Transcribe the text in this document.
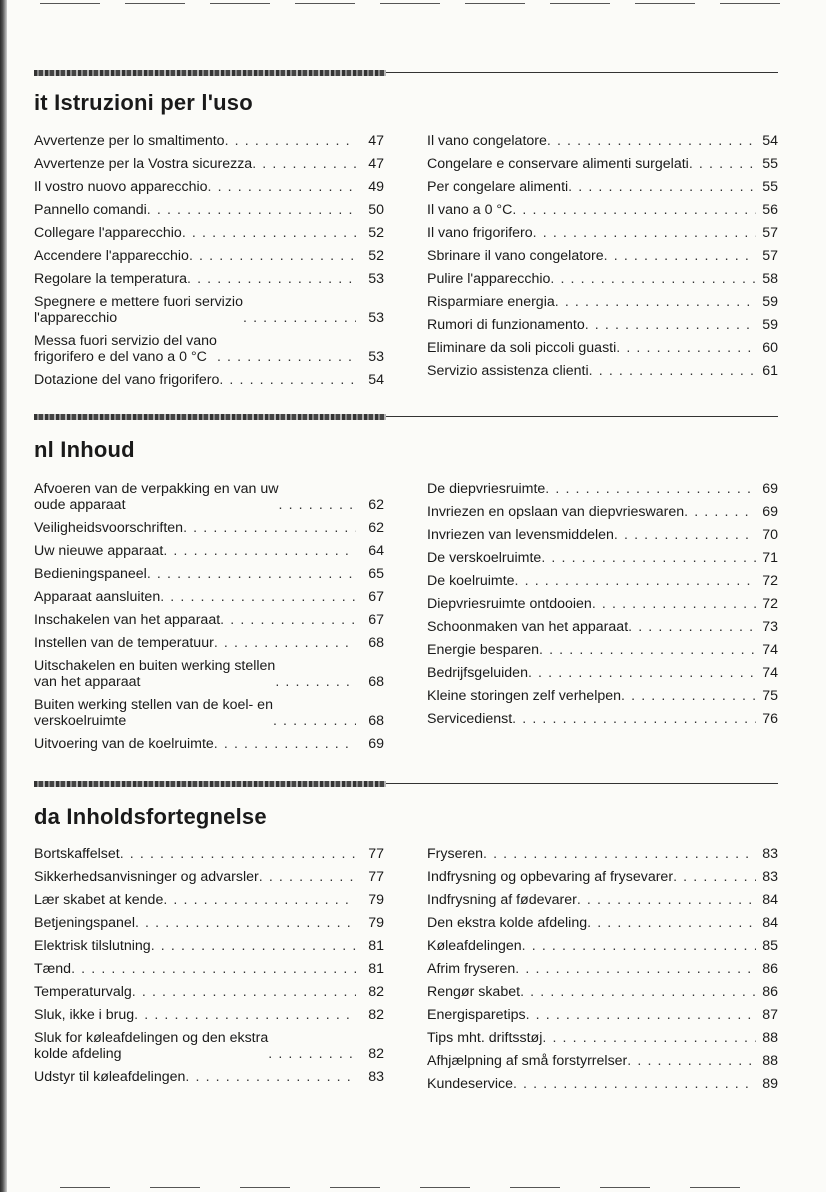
it Istruzioni per l'uso
Avvertenze per lo smaltimento . . .	47
Avvertenze per la Vostra sicurezza . . .	47
Il vostro nuovo apparecchio . . .	49
Pannello comandi . . .	50
Collegare l'apparecchio . . .	52
Accendere l'apparecchio . . .	52
Regolare la temperatura . . .	53
Spegnere e mettere fuori servizio
l'apparecchio . . .	53
Messa fuori servizio del vano
frigorifero e del vano a 0 °C . . .	53
Dotazione del vano frigorifero . . .	54
Il vano congelatore . . .	54
Congelare e conservare alimenti surgelati . . .	55
Per congelare alimenti . . .	55
Il vano a 0 °C . . .	56
Il vano frigorifero . . .	57
Sbrinare il vano congelatore . . .	57
Pulire l'apparecchio . . .	58
Risparmiare energia . . .	59
Rumori di funzionamento . . .	59
Eliminare da soli piccoli guasti . . .	60
Servizio assistenza clienti . . .	61
nl Inhoud
Afvoeren van de verpakking en van uw
oude apparaat . . .	62
Veiligheidsvoorschriften . . .	62
Uw nieuwe apparaat . . .	64
Bedieningspaneel . . .	65
Apparaat aansluiten . . .	67
Inschakelen van het apparaat . . .	67
Instellen van de temperatuur . . .	68
Uitschakelen en buiten werking stellen
van het apparaat . . .	68
Buiten werking stellen van de koel- en
verskoelruimte . . .	68
Uitvoering van de koelruimte . . .	69
De diepvriesruimte . . .	69
Invriezen en opslaan van diepvrieswaren . . .	69
Invriezen van levensmiddelen . . .	70
De verskoelruimte . . .	71
De koelruimte . . .	72
Diepvriesruimte ontdooien . . .	72
Schoonmaken van het apparaat . . .	73
Energie besparen . . .	74
Bedrijfsgeluiden . . .	74
Kleine storingen zelf verhelpen . . .	75
Servicedienst . . .	76
da Inholdsfortegnelse
Bortskaffelset . . .	77
Sikkerhedsanvisninger og advarsler . . .	77
Lær skabet at kende . . .	79
Betjeningspanel . . .	79
Elektrisk tilslutning . . .	81
Tænd . . .	81
Temperaturvalg . . .	82
Sluk, ikke i brug . . .	82
Sluk for køleafdelingen og den ekstra
kolde afdeling . . .	82
Udstyr til køleafdelingen . . .	83
Fryseren . . .	83
Indfrysning og opbevaring af frysevarer . . .	83
Indfrysning af fødevarer . . .	84
Den ekstra kolde afdeling . . .	84
Køleafdelingen . . .	85
Afrim fryseren . . .	86
Rengør skabet . . .	86
Energisparetips . . .	87
Tips mht. driftsstøj . . .	88
Afhjælpning af små forstyrrelser . . .	88
Kundeservice . . .	89
